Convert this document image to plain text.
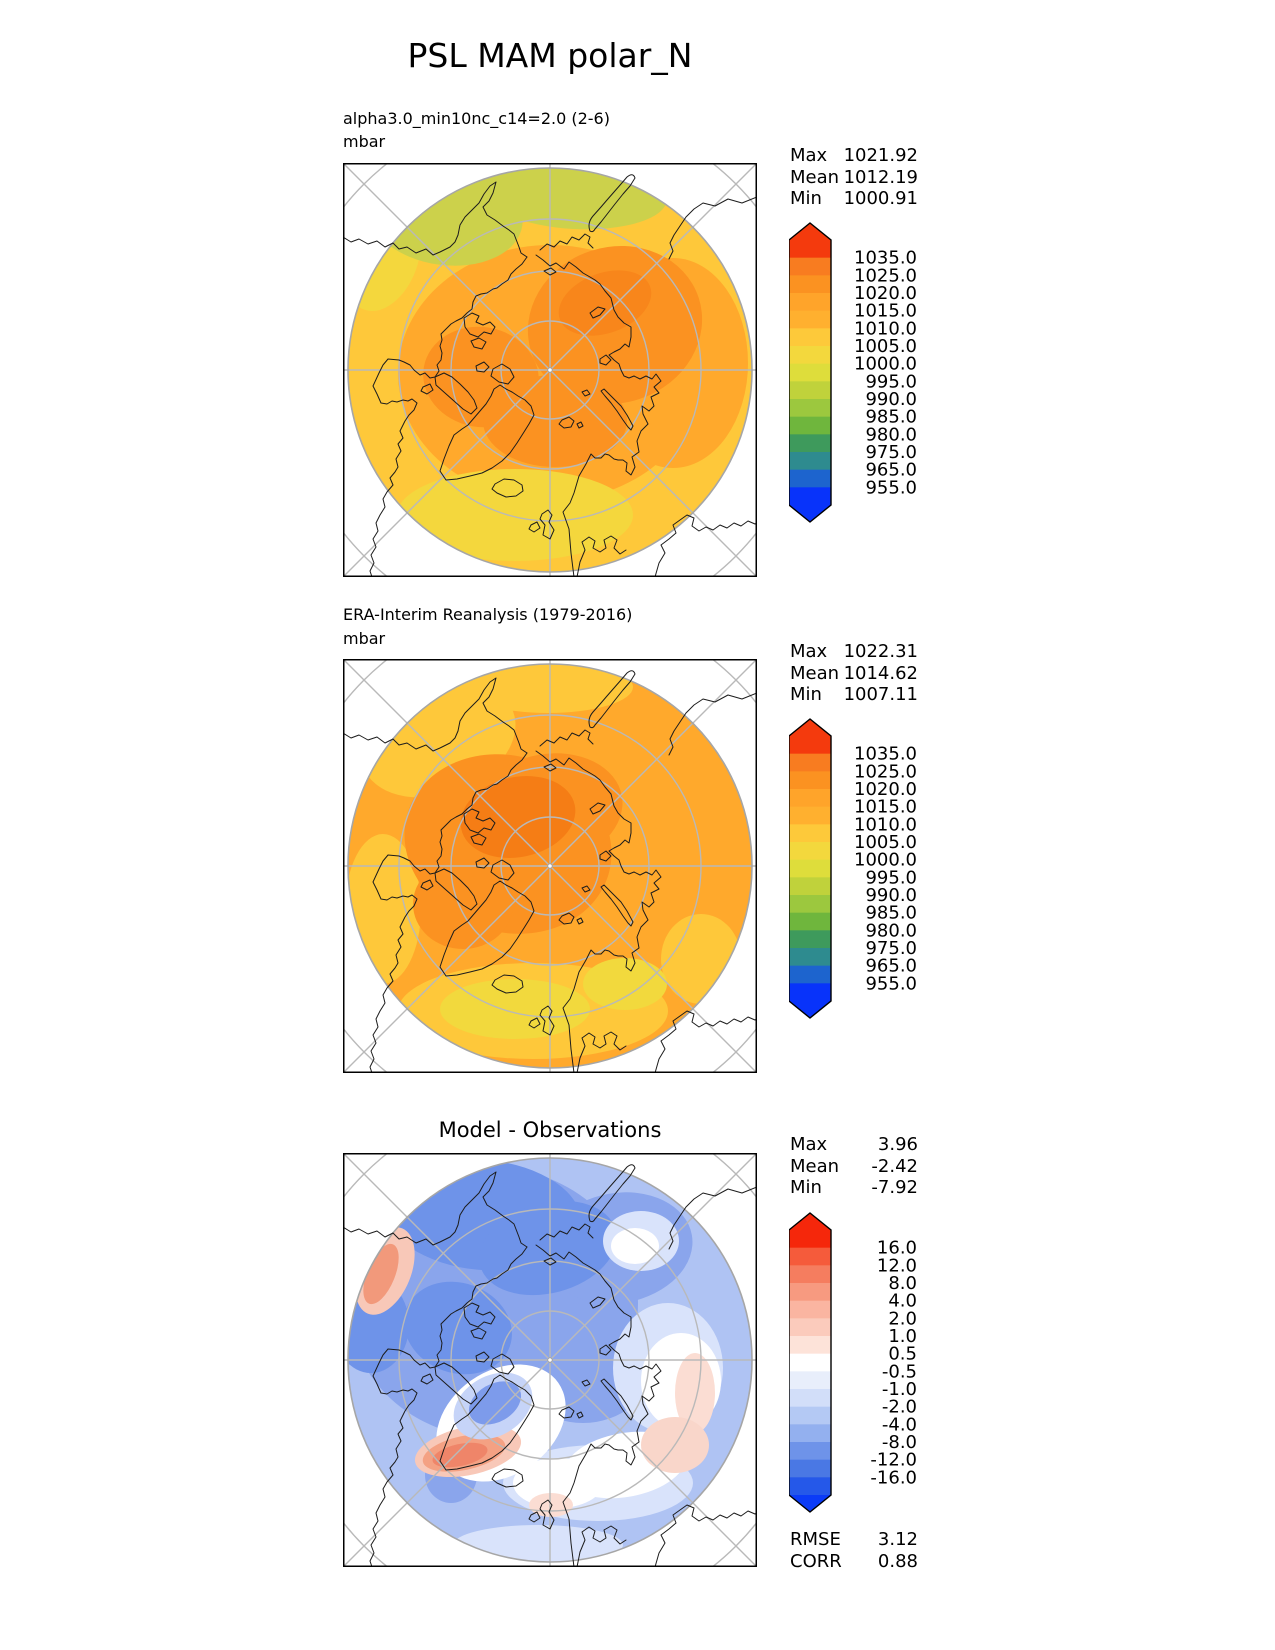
PSL MAM polar_N
alpha3.0_min10nc_c14=2.0 (2-6)
mbar
Max 1021.92
Mean 1012.19
Min 1000.91
1035.0
1025.0
1020.0
1015.0
1010.0
1005.0
1000.0
995.0
990.0
985.0
980.0
975.0
965.0
955.0
ERA-Interim Reanalysis (1979-2016)
mbar
Max 1022.31
Mean 1014.62
Min 1007.11
1035.0
1025.0
1020.0
1015.0
1010.0
1005.0
1000.0
995.0
990.0
985.0
980.0
975.0
965.0
955.0
Model - Observations
Max	3.96
Mean -2.42
Min	-7.92
16.0
12.0
8.0
4.0
2.0
1.0
0.5
-0.5
-1.0
-2.0
-4.0
-8.0
-12.0
-16.0
RMSE 3.12
CORR 0.88
